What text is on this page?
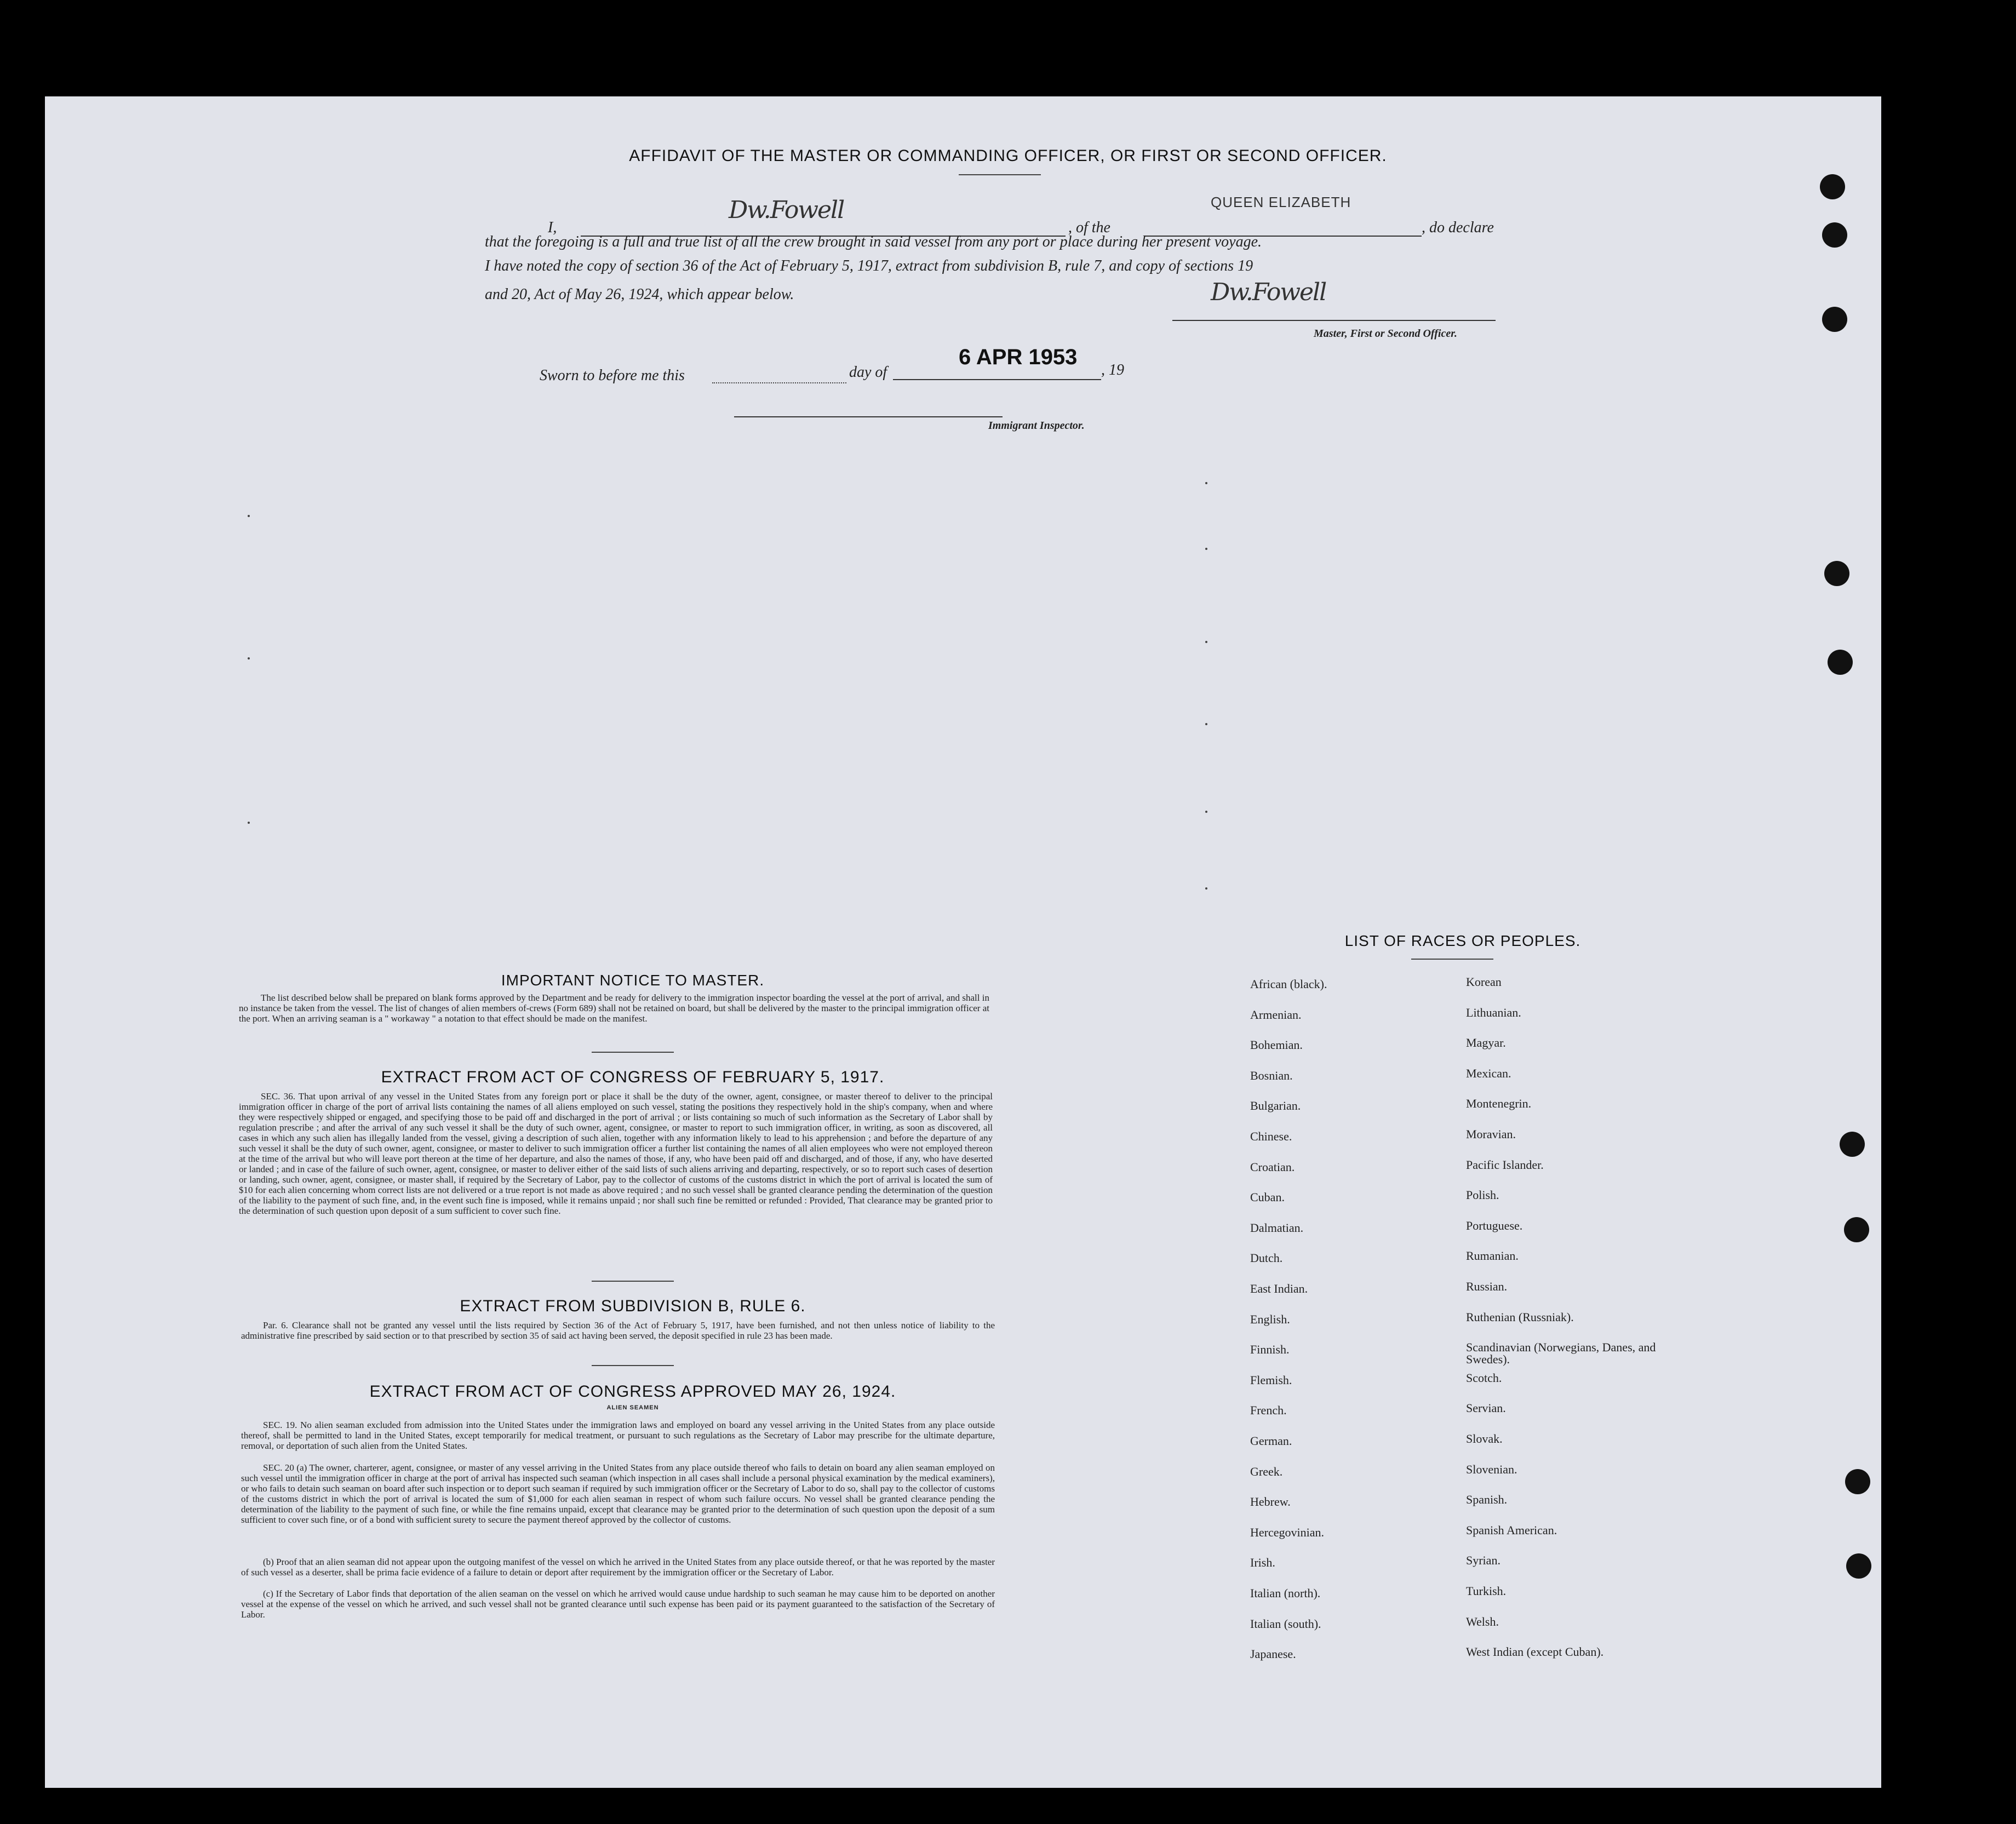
AFFIDAVIT OF THE MASTER OR COMMANDING OFFICER, OR FIRST OR SECOND OFFICER.
I,
Dw.Fowell
, of the
QUEEN ELIZABETH
, do declare
that the foregoing is a full and true list of all the crew brought in said vessel from any port or place during her present voyage.
I have noted the copy of section 36 of the Act of February 5, 1917, extract from subdivision B, rule 7, and copy of sections 19
and 20, Act of May 26, 1924, which appear below.	Dw.Fowell
Master, First or Second Officer.
Sworn to before me this	day of
6 APR 1953
, 19
Immigrant Inspector.
IMPORTANT NOTICE TO MASTER.
The list described below shall be prepared on blank forms approved by the Department and be ready for delivery to the immigration inspector boarding the vessel at the port of arrival, and shall in no instance be taken from the vessel. The list of changes of alien members of-crews (Form 689) shall not be retained on board, but shall be delivered by the master to the principal immigration officer at the port. When an arriving seaman is a " workaway " a notation to that effect should be made on the manifest.
EXTRACT FROM ACT OF CONGRESS OF FEBRUARY 5, 1917.
SEC. 36. That upon arrival of any vessel in the United States from any foreign port or place it shall be the duty of the owner, agent, consignee, or master thereof to deliver to the principal immigration officer in charge of the port of arrival lists containing the names of all aliens employed on such vessel, stating the positions they respectively hold in the ship's company, when and where they were respectively shipped or engaged, and specifying those to be paid off and discharged in the port of arrival ; or lists containing so much of such information as the Secretary of Labor shall by regulation prescribe ; and after the arrival of any such vessel it shall be the duty of such owner, agent, consignee, or master to report to such immigration officer, in writing, as soon as discovered, all cases in which any such alien has illegally landed from the vessel, giving a description of such alien, together with any information likely to lead to his apprehension ; and before the departure of any such vessel it shall be the duty of such owner, agent, consignee, or master to deliver to such immigration officer a further list containing the names of all alien employees who were not employed thereon at the time of the arrival but who will leave port thereon at the time of her departure, and also the names of those, if any, who have been paid off and discharged, and of those, if any, who have deserted or landed ; and in case of the failure of such owner, agent, consignee, or master to deliver either of the said lists of such aliens arriving and departing, respectively, or so to report such cases of desertion or landing, such owner, agent, consignee, or master shall, if required by the Secretary of Labor, pay to the collector of customs of the customs district in which the port of arrival is located the sum of $10 for each alien concerning whom correct lists are not delivered or a true report is not made as above required ; and no such vessel shall be granted clearance pending the determination of the question of the liability to the payment of such fine, and, in the event such fine is imposed, while it remains unpaid ; nor shall such fine be remitted or refunded : Provided, That clearance may be granted prior to the determination of such question upon deposit of a sum sufficient to cover such fine.
EXTRACT FROM SUBDIVISION B, RULE 6.
Par. 6. Clearance shall not be granted any vessel until the lists required by Section 36 of the Act of February 5, 1917, have been furnished, and not then unless notice of liability to the administrative fine prescribed by said section or to that prescribed by section 35 of said act having been served, the deposit specified in rule 23 has been made.
EXTRACT FROM ACT OF CONGRESS APPROVED MAY 26, 1924.
ALIEN SEAMEN
SEC. 19. No alien seaman excluded from admission into the United States under the immigration laws and employed on board any vessel arriving in the United States from any place outside thereof, shall be permitted to land in the United States, except temporarily for medical treatment, or pursuant to such regulations as the Secretary of Labor may prescribe for the ultimate departure, removal, or deportation of such alien from the United States.
SEC. 20 (a) The owner, charterer, agent, consignee, or master of any vessel arriving in the United States from any place outside thereof who fails to detain on board any alien seaman employed on such vessel until the immigration officer in charge at the port of arrival has inspected such seaman (which inspection in all cases shall include a personal physical examination by the medical examiners), or who fails to detain such seaman on board after such inspection or to deport such seaman if required by such immigration officer or the Secretary of Labor to do so, shall pay to the collector of customs of the customs district in which the port of arrival is located the sum of $1,000 for each alien seaman in respect of whom such failure occurs. No vessel shall be granted clearance pending the determination of the liability to the payment of such fine, or while the fine remains unpaid, except that clearance may be granted prior to the determination of such question upon the deposit of a sum sufficient to cover such fine, or of a bond with sufficient surety to secure the payment thereof approved by the collector of customs.
(b) Proof that an alien seaman did not appear upon the outgoing manifest of the vessel on which he arrived in the United States from any place outside thereof, or that he was reported by the master of such vessel as a deserter, shall be prima facie evidence of a failure to detain or deport after requirement by the immigration officer or the Secretary of Labor.
(c) If the Secretary of Labor finds that deportation of the alien seaman on the vessel on which he arrived would cause undue hardship to such seaman he may cause him to be deported on another vessel at the expense of the vessel on which he arrived, and such vessel shall not be granted clearance until such expense has been paid or its payment guaranteed to the satisfaction of the Secretary of Labor.
LIST OF RACES OR PEOPLES.
African (black).
Armenian.
Bohemian.
Bosnian.
Bulgarian.
Chinese.
Croatian.
Cuban.
Dalmatian.
Dutch.
East Indian.
English.
Finnish.
Flemish.
French.
German.
Greek.
Hebrew.
Hercegovinian.
Irish.
Italian (north).
Italian (south).
Japanese.
Korean
Lithuanian.
Magyar.
Mexican.
Montenegrin.
Moravian.
Pacific Islander.
Polish.
Portuguese.
Rumanian.
Russian.
Ruthenian (Russniak).
Scandinavian (Norwegians, Danes, and Swedes).
Scotch.
Servian.
Slovak.
Slovenian.
Spanish.
Spanish American.
Syrian.
Turkish.
Welsh.
West Indian (except Cuban).
